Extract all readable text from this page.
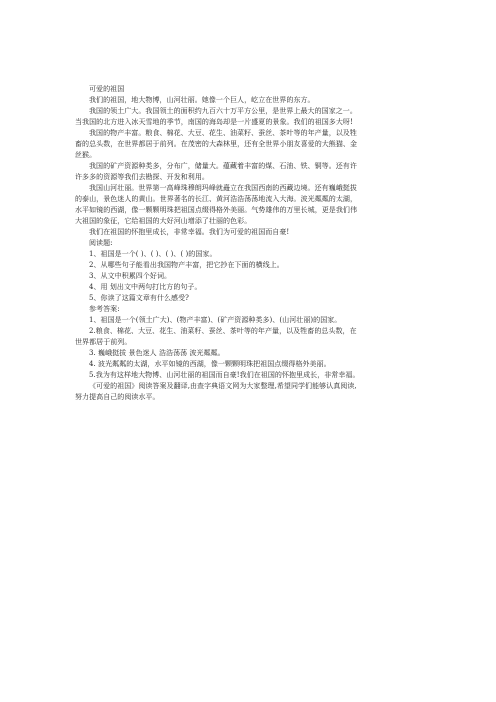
可爱的祖国
我们的祖国，地大物博，山河壮丽。她像一个巨人，屹立在世界的东方。
我国的领土广大。我国领土的面积约九百六十万平方公里，是世界上最大的国家之一。
当我国的北方进入冰天雪地的季节，南国的海岛却是一片盛夏的景象。我们的祖国多大呀!
我国的物产丰富。粮食、棉花、大豆、花生、油菜籽、蚕丝、茶叶等的年产量，以及牲
畜的总头数，在世界都居于前列。在茂密的大森林里，还有全世界小朋友喜爱的大熊猫、金
丝猴。
我国的矿产资源种类多，分布广，储量大。蕴藏着丰富的煤、石油、铁、铜等。还有许
许多多的资源等我们去勘探、开发和利用。
我国山河壮丽。世界第一高峰珠穆朗玛峰就矗立在我国西南的西藏边境。还有巍峨挺拔
的泰山，景色迷人的黄山。世界著名的长江、黄河浩浩荡荡地流入大海。波光粼粼的太湖，
水平如镜的西湖，像一颗颗明珠把祖国点缀得格外美丽。气势雄伟的万里长城，更是我们伟
大祖国的象征，它给祖国的大好河山增添了壮丽的色彩。
我们在祖国的怀抱里成长，非常幸福。我们为可爱的祖国而自豪!
阅读题:
1、祖国是一个( )、( )、( )、( )的国家。
2、从哪些句子能看出我国物产丰富，把它抄在下面的横线上。
3、从文中积累四个好词。
4、用 划出文中两句打比方的句子。
5、你读了这篇文章有什么感受?
参考答案:
1、祖国是一个(领土广大)、(物产丰富)、(矿产资源种类多)、(山河壮丽)的国家。
2.粮食、棉花、大豆、花生、油菜籽、蚕丝、茶叶等的年产量，以及牲畜的总头数，在
世界都居于前列。
3. 巍峨挺拔 景色迷人 浩浩荡荡 波光粼粼。
4. 波光粼粼的太湖，水平如镜的西湖，像一颗颗明珠把祖国点缀得格外美丽。
5.我为有这样地大物博、山河壮丽的祖国而自豪!我们在祖国的怀抱里成长，非常幸福。
《可爱的祖国》阅读答案及翻译,由查字典语文网为大家整理,希望同学们能够认真阅读,
努力提高自己的阅读水平。
